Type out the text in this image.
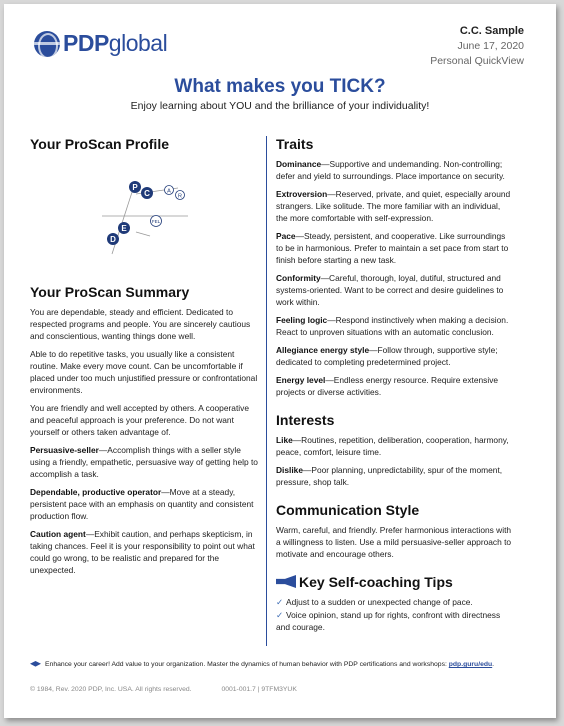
PDPglobal	C.C. Sample
June 17, 2020
Personal QuickView
What makes you TICK?
Enjoy learning about YOU and the brilliance of your individuality!
Your ProScan Profile
P
C	A
R
E
D
FEL
Your ProScan Summary

You are dependable, steady and efficient. Dedicated to respected programs and people. You are sincerely cautious and conscientious, wanting things done well.

Able to do repetitive tasks, you usually like a consistent routine. Make every move count. Can be uncomfortable if placed under too much unjustified pressure or confrontational environments.

You are friendly and well accepted by others. A cooperative and peaceful approach is your preference. Do not want yourself or others taken advantage of.

Persuasive-seller—Accomplish things with a seller style using a friendly, empathetic, persuasive way of getting help to accomplish a task.

Dependable, productive operator—Move at a steady, persistent pace with an emphasis on quantity and consistent production flow.

Caution agent—Exhibit caution, and perhaps skepticism, in taking chances. Feel it is your responsibility to point out what could go wrong, to be realistic and prepared for the unexpected.

Traits

Dominance—Supportive and undemanding. Non-controlling; defer and yield to surroundings. Place importance on security.

Extroversion—Reserved, private, and quiet, especially around strangers. Like solitude. The more familiar with an individual, the more comfortable with self-expression.

Pace—Steady, persistent, and cooperative. Like surroundings to be in harmonious. Prefer to maintain a set pace from start to finish before starting a new task.

Conformity—Careful, thorough, loyal, dutiful, structured and systems-oriented. Want to be correct and desire guidelines to work within.

Feeling logic—Respond instinctively when making a decision. React to unproven situations with an automatic conclusion.

Allegiance energy style—Follow through, supportive style; dedicated to completing predetermined project.

Energy level—Endless energy resource. Require extensive projects or diverse activities.

Interests

Like—Routines, repetition, deliberation, cooperation, harmony, peace, comfort, leisure time.

Dislike—Poor planning, unpredictability, spur of the moment, pressure, shop talk.

Communication Style

Warm, careful, and friendly. Prefer harmonious interactions with a willingness to listen. Use a mild persuasive-seller approach to motivate and encourage others.

Key Self-coaching Tips

✓ Adjust to a sudden or unexpected change of pace.

✓ Voice opinion, stand up for rights, confront with directness and courage.

Enhance your career! Add value to your organization. Master the dynamics of human behavior with PDP certifications and workshops:
pdp.guru/edu .
© 1984, Rev. 2020 PDP, Inc. USA. All rights reserved.	0001-001.7 | 9TFM3YUK
